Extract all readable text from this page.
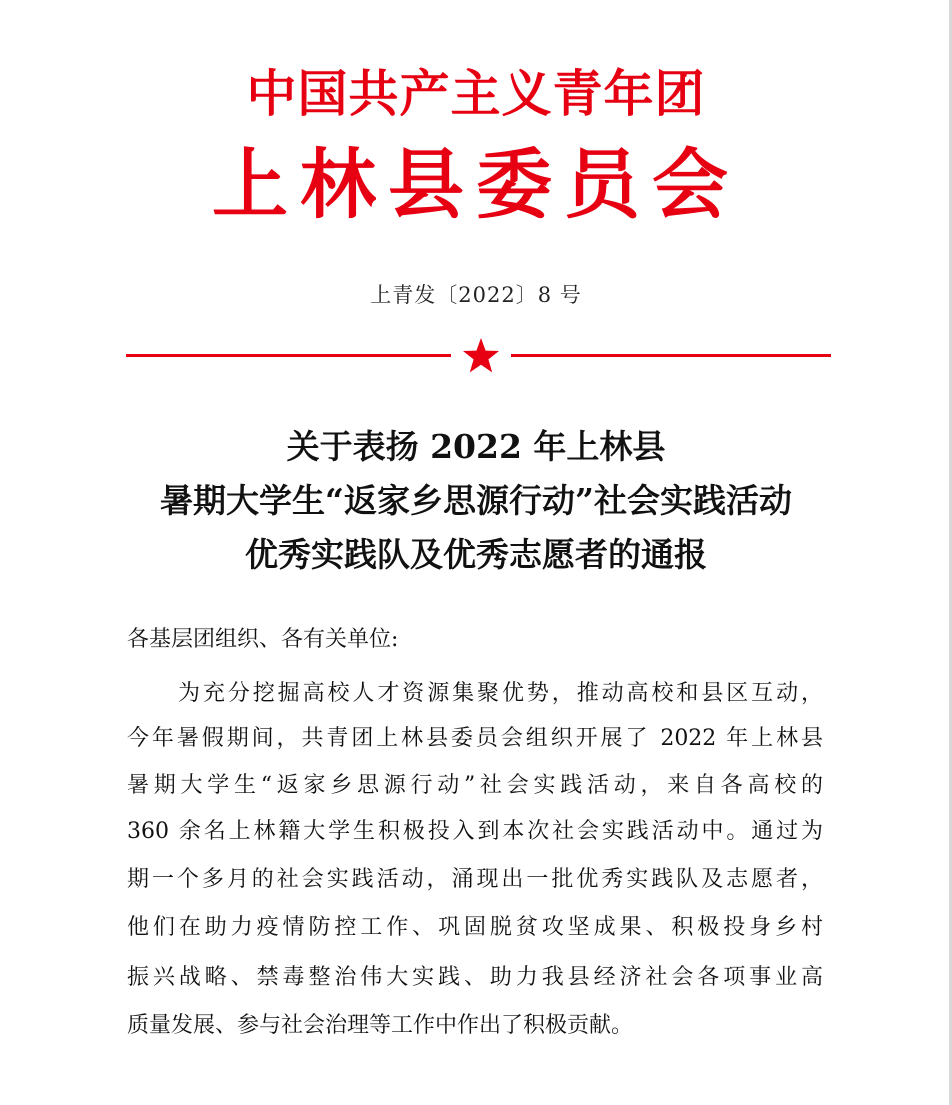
中国共产主义青年团
上林县委员会
上青发〔2022〕8 号
关于表扬 2022 年上林县
暑期大学生“返家乡思源行动”社会实践活动
优秀实践队及优秀志愿者的通报
各基层团组织、各有关单位:
为充分挖掘高校人才资源集聚优势，推动高校和县区互动，
今年暑假期间，共青团上林县委员会组织开展了 2022 年上林县
暑期大学生“返家乡思源行动”社会实践活动，来自各高校的
360 余名上林籍大学生积极投入到本次社会实践活动中。通过为
期一个多月的社会实践活动，涌现出一批优秀实践队及志愿者，
他们在助力疫情防控工作、巩固脱贫攻坚成果、积极投身乡村
振兴战略、禁毒整治伟大实践、助力我县经济社会各项事业高
质量发展、参与社会治理等工作中作出了积极贡献。
